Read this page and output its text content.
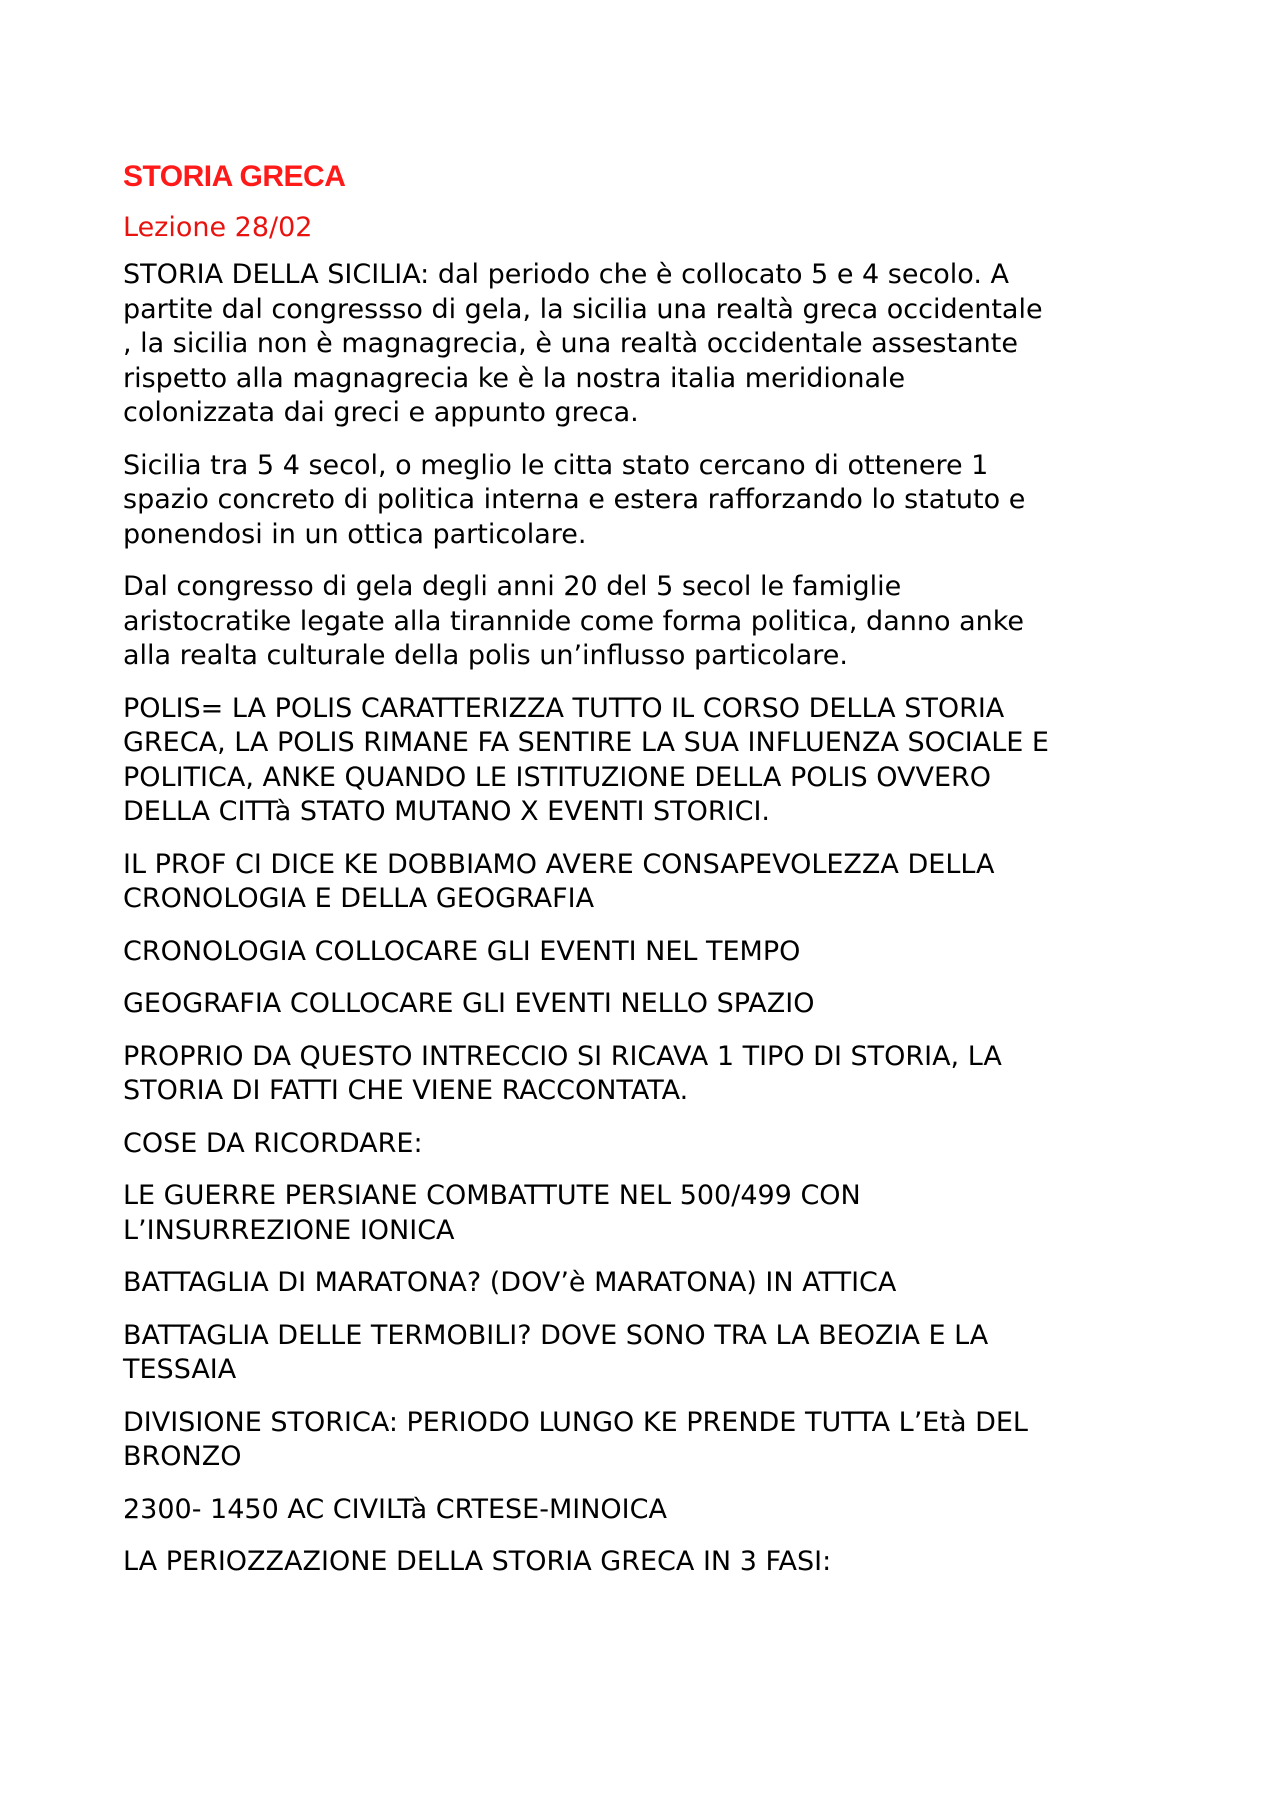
STORIA GRECA
Lezione 28/02

STORIA DELLA SICILIA: dal periodo che è collocato 5 e 4 secolo. A
partite dal congressso di gela, la sicilia una realtà greca occidentale
, la sicilia non è magnagrecia, è una realtà occidentale assestante
rispetto alla magnagrecia ke è la nostra italia meridionale
colonizzata dai greci e appunto greca.

Sicilia tra 5 4 secol, o meglio le citta stato cercano di ottenere 1
spazio concreto di politica interna e estera rafforzando lo statuto e
ponendosi in un ottica particolare.

Dal congresso di gela degli anni 20 del 5 secol le famiglie
aristocratike legate alla tirannide come forma politica, danno anke
alla realta culturale della polis un’influsso particolare.

POLIS= LA POLIS CARATTERIZZA TUTTO IL CORSO DELLA STORIA
GRECA, LA POLIS RIMANE FA SENTIRE LA SUA INFLUENZA SOCIALE E
POLITICA, ANKE QUANDO LE ISTITUZIONE DELLA POLIS OVVERO
DELLA CITTà STATO MUTANO X EVENTI STORICI.

IL PROF CI DICE KE DOBBIAMO AVERE CONSAPEVOLEZZA DELLA
CRONOLOGIA E DELLA GEOGRAFIA

CRONOLOGIA COLLOCARE GLI EVENTI NEL TEMPO

GEOGRAFIA COLLOCARE GLI EVENTI NELLO SPAZIO

PROPRIO DA QUESTO INTRECCIO SI RICAVA 1 TIPO DI STORIA, LA
STORIA DI FATTI CHE VIENE RACCONTATA.

COSE DA RICORDARE:

LE GUERRE PERSIANE COMBATTUTE NEL 500/499 CON
L’INSURREZIONE IONICA

BATTAGLIA DI MARATONA? (DOV’è MARATONA) IN ATTICA

BATTAGLIA DELLE TERMOBILI? DOVE SONO TRA LA BEOZIA E LA
TESSAIA

DIVISIONE STORICA: PERIODO LUNGO KE PRENDE TUTTA L’Età DEL
BRONZO

2300- 1450 AC CIVILTà CRTESE-MINOICA

LA PERIOZZAZIONE DELLA STORIA GRECA IN 3 FASI:
